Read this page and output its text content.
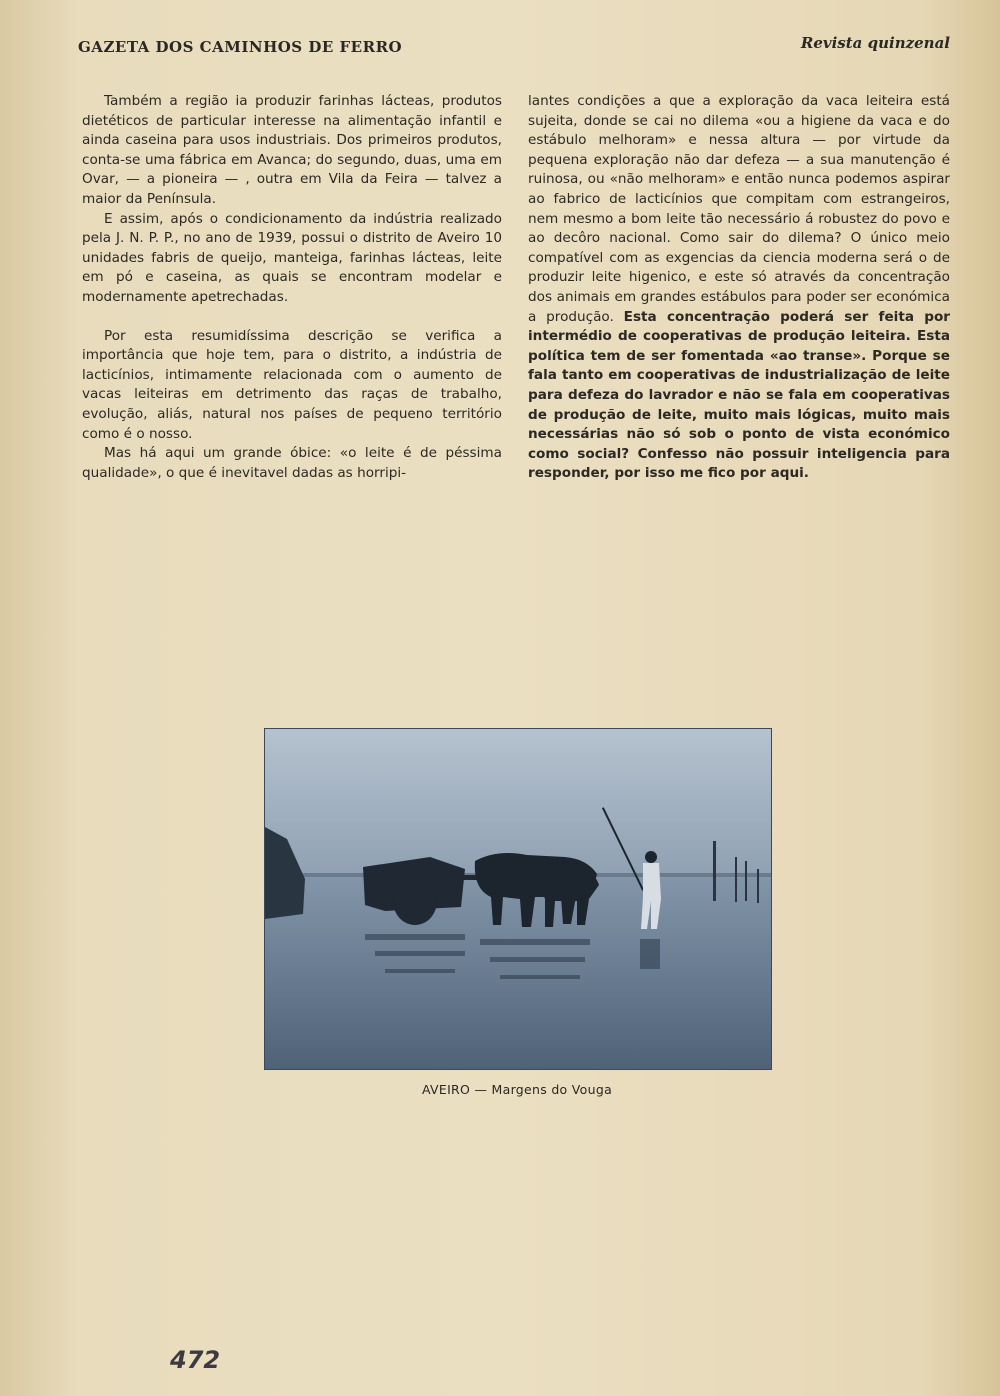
GAZETA DOS CAMINHOS DE FERRO	Revista quinzenal

Também a região ia produzir farinhas lácteas, produtos dietéticos de particular interesse na alimentação infantil e ainda caseina para usos industriais. Dos primeiros produtos, conta-se uma fábrica em Avanca; do segundo, duas, uma em Ovar, — a pioneira — , outra em Vila da Feira — talvez a maior da Península.

E assim, após o condicionamento da indústria realizado pela J. N. P. P., no ano de 1939, possui o distrito de Aveiro 10 unidades fabris de queijo, manteiga, farinhas lácteas, leite em pó e caseina, as quais se encontram modelar e modernamente apetrechadas.

Por esta resumidíssima descrição se verifica a importância que hoje tem, para o distrito, a indústria de lacticínios, intimamente relacionada com o aumento de vacas leiteiras em detrimento das raças de trabalho, evolução, aliás, natural nos países de pequeno território como é o nosso.

Mas há aqui um grande óbice: «o leite é de péssima qualidade», o que é inevitavel dadas as horripi-

lantes condições a que a exploração da vaca leiteira está sujeita, donde se cai no dilema «ou a higiene da vaca e do estábulo melhoram» e nessa altura — por virtude da pequena exploração não dar defeza — a sua manutenção é ruinosa, ou «não melhoram» e então nunca podemos aspirar ao fabrico de lacticínios que compitam com estrangeiros, nem mesmo a bom leite tão necessário á robustez do povo e ao decôro nacional. Como sair do dilema? O único meio compatível com as exgencias da ciencia moderna será o de produzir leite higenico, e este só através da concentração dos animais em grandes estábulos para poder ser económica a produção. Esta concentração poderá ser feita por intermédio de cooperativas de produção leiteira. Esta política tem de ser fomentada «ao transe». Porque se fala tanto em cooperativas de industrialização de leite para defeza do lavrador e não se fala em cooperativas de produção de leite, muito mais lógicas, muito mais necessárias não só sob o ponto de vista económico como social? Confesso não possuir inteligencia para responder, por isso me fico por aqui.

AVEIRO — Margens do Vouga
472
